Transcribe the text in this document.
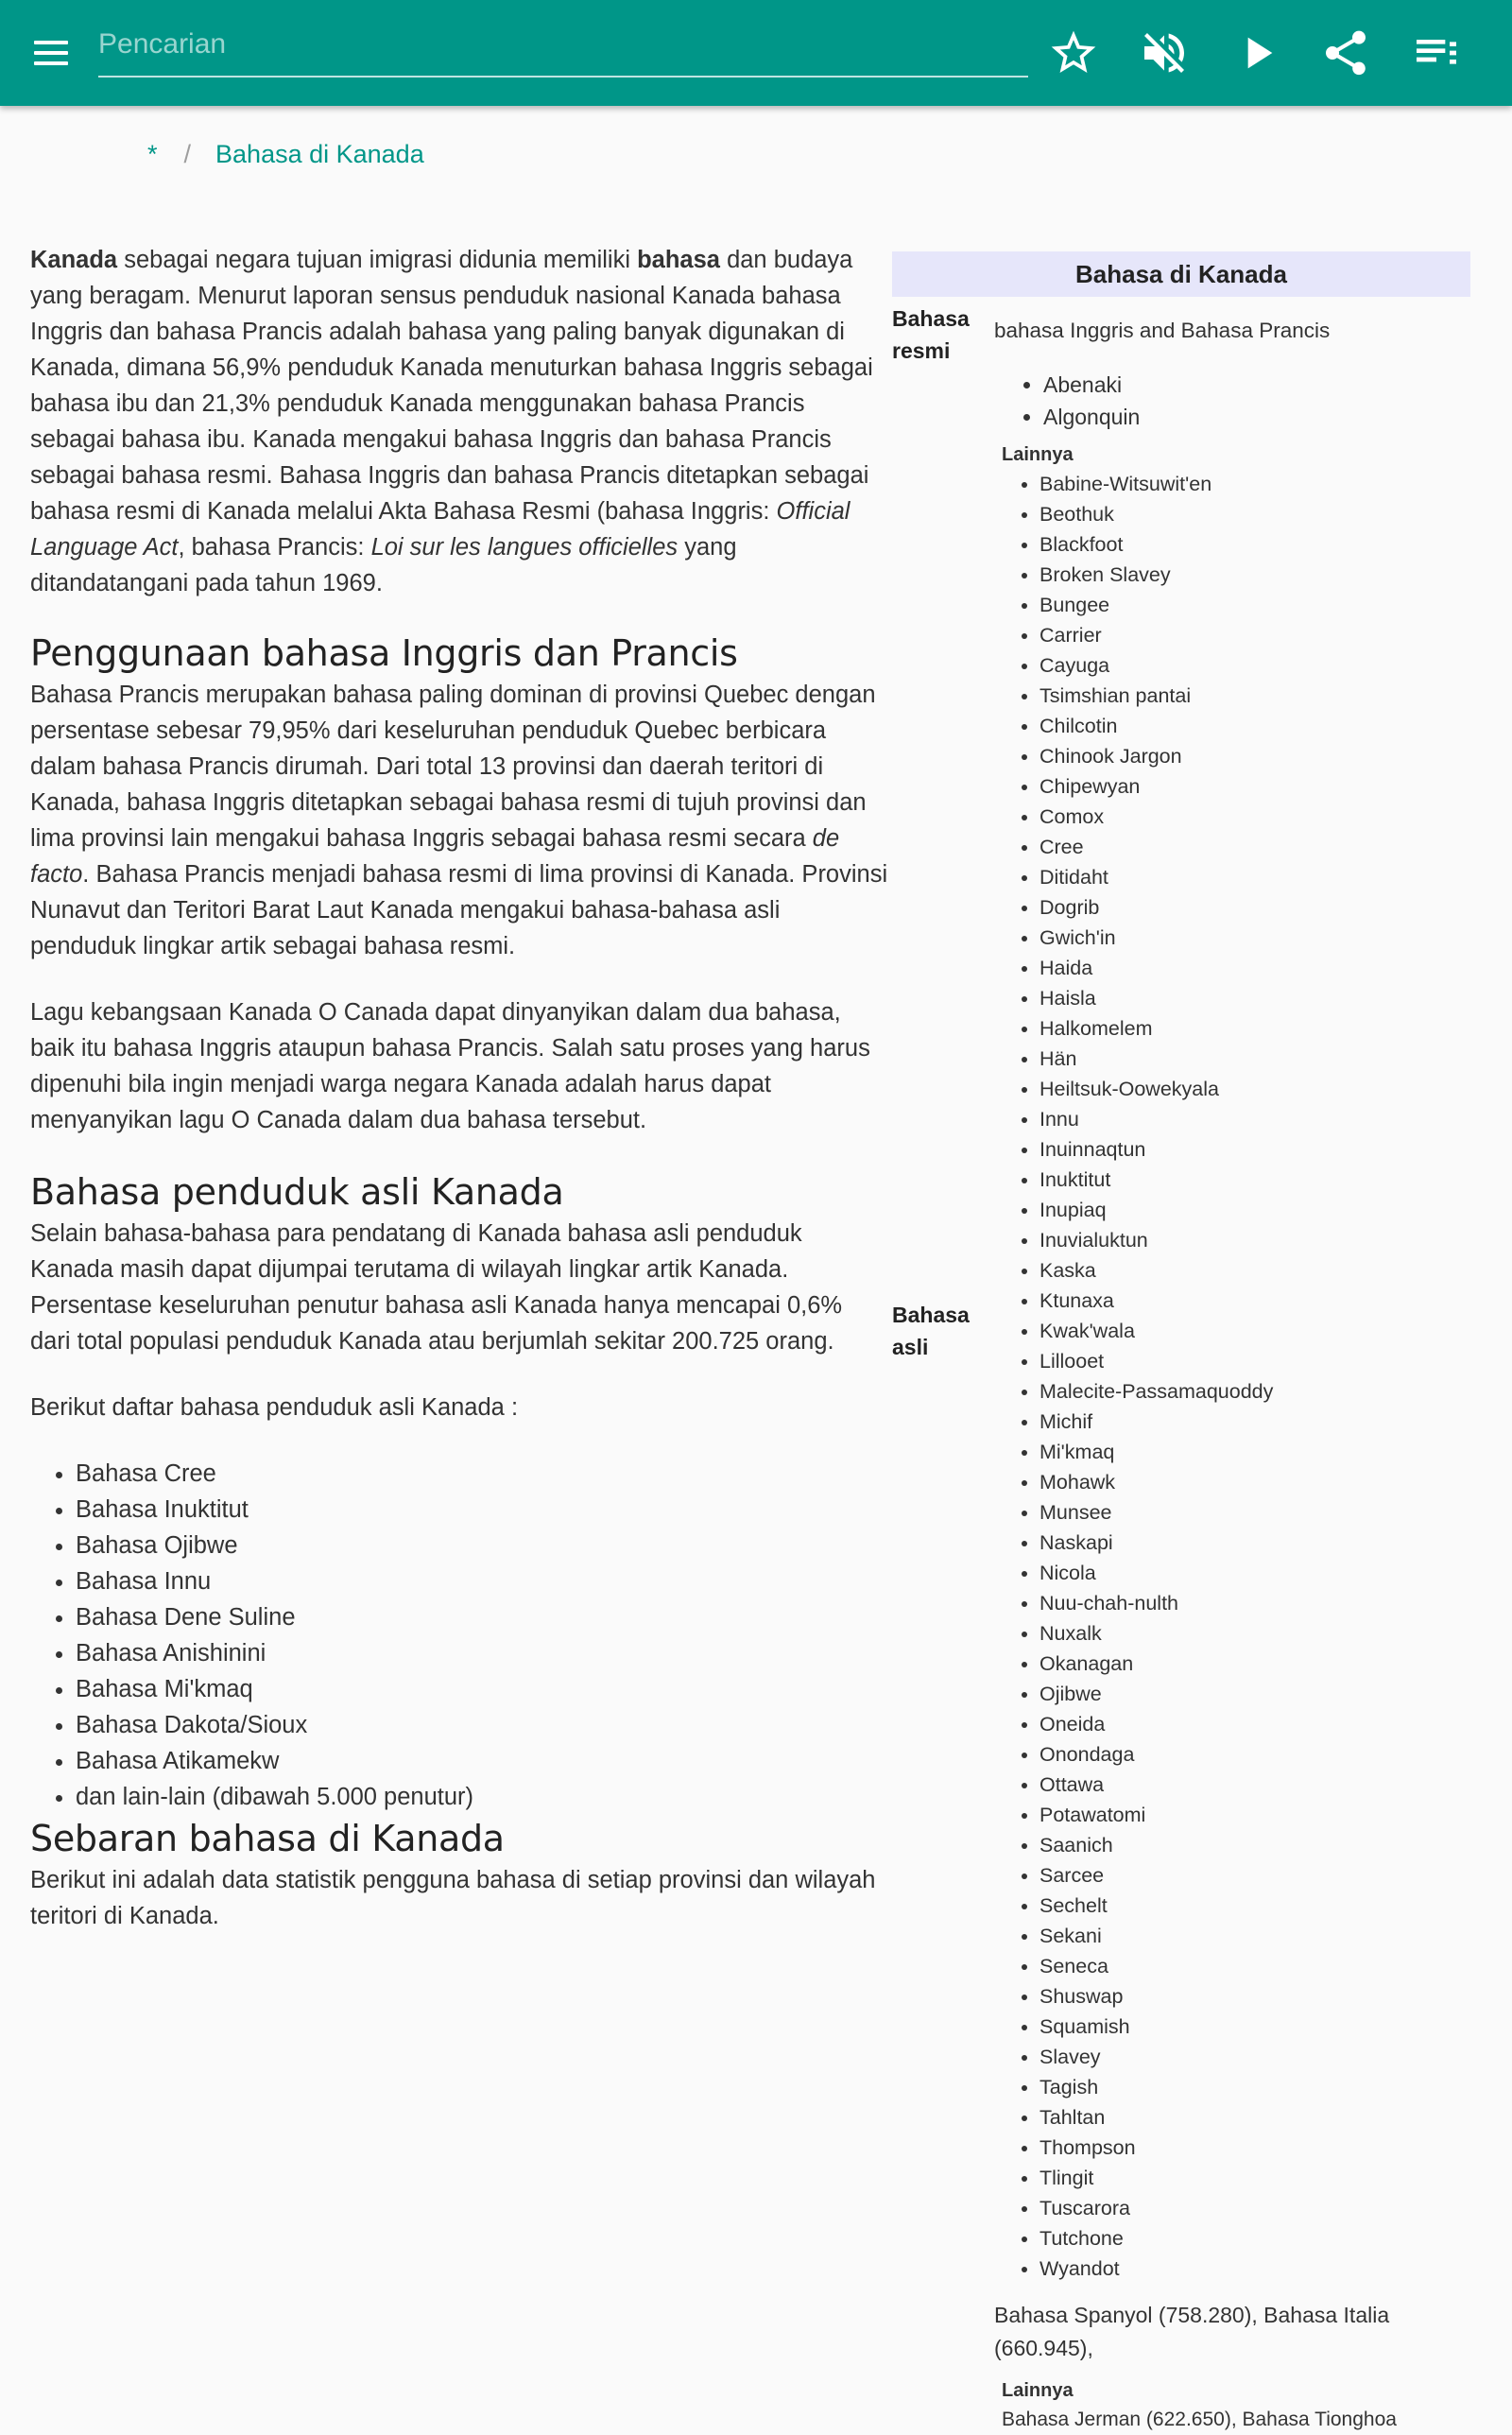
Pencarian
* / Bahasa di Kanada

Kanada sebagai negara tujuan imigrasi didunia memiliki bahasa dan budaya yang beragam. Menurut laporan sensus penduduk nasional Kanada bahasa Inggris dan bahasa Prancis adalah bahasa yang paling banyak digunakan di Kanada, dimana 56,9% penduduk Kanada menuturkan bahasa Inggris sebagai bahasa ibu dan 21,3% penduduk Kanada menggunakan bahasa Prancis sebagai bahasa ibu. Kanada mengakui bahasa Inggris dan bahasa Prancis sebagai bahasa resmi. Bahasa Inggris dan bahasa Prancis ditetapkan sebagai bahasa resmi di Kanada melalui Akta Bahasa Resmi (bahasa Inggris: Official Language Act, bahasa Prancis: Loi sur les langues officielles yang ditandatangani pada tahun 1969.

Penggunaan bahasa Inggris dan Prancis

Bahasa Prancis merupakan bahasa paling dominan di provinsi Quebec dengan persentase sebesar 79,95% dari keseluruhan penduduk Quebec berbicara dalam bahasa Prancis dirumah. Dari total 13 provinsi dan daerah teritori di Kanada, bahasa Inggris ditetapkan sebagai bahasa resmi di tujuh provinsi dan lima provinsi lain mengakui bahasa Inggris sebagai bahasa resmi secara de facto. Bahasa Prancis menjadi bahasa resmi di lima provinsi di Kanada. Provinsi Nunavut dan Teritori Barat Laut Kanada mengakui bahasa-bahasa asli penduduk lingkar artik sebagai bahasa resmi.

Lagu kebangsaan Kanada O Canada dapat dinyanyikan dalam dua bahasa, baik itu bahasa Inggris ataupun bahasa Prancis. Salah satu proses yang harus dipenuhi bila ingin menjadi warga negara Kanada adalah harus dapat menyanyikan lagu O Canada dalam dua bahasa tersebut.

Bahasa penduduk asli Kanada

Selain bahasa-bahasa para pendatang di Kanada bahasa asli penduduk Kanada masih dapat dijumpai terutama di wilayah lingkar artik Kanada. Persentase keseluruhan penutur bahasa asli Kanada hanya mencapai 0,6% dari total populasi penduduk Kanada atau berjumlah sekitar 200.725 orang.

Berikut daftar bahasa penduduk asli Kanada :

• Bahasa Cree
• Bahasa Inuktitut
• Bahasa Ojibwe
• Bahasa Innu
• Bahasa Dene Suline
• Bahasa Anishinini
• Bahasa Mi'kmaq
• Bahasa Dakota/Sioux
• Bahasa Atikamekw
• dan lain-lain (dibawah 5.000 penutur)
Sebaran bahasa di Kanada

Berikut ini adalah data statistik pengguna bahasa di setiap provinsi dan wilayah teritori di Kanada.

Bahasa di Kanada
Bahasa resmi
bahasa Inggris and Bahasa Prancis
Bahasa asli
• Abenaki
• Algonquin
Lainnya
• Babine-Witsuwit'en
• Beothuk
• Blackfoot
• Broken Slavey
• Bungee
• Carrier
• Cayuga
• Tsimshian pantai
• Chilcotin
• Chinook Jargon
• Chipewyan
• Comox
• Cree
• Ditidaht
• Dogrib
• Gwich'in
• Haida
• Haisla
• Halkomelem
• Hän
• Heiltsuk-Oowekyala
• Innu
• Inuinnaqtun
• Inuktitut
• Inupiaq
• Inuvialuktun
• Kaska
• Ktunaxa
• Kwak'wala
• Lillooet
• Malecite-Passamaquoddy
• Michif
• Mi'kmaq
• Mohawk
• Munsee
• Naskapi
• Nicola
• Nuu-chah-nulth
• Nuxalk
• Okanagan
• Ojibwe
• Oneida
• Onondaga
• Ottawa
• Potawatomi
• Saanich
• Sarcee
• Sechelt
• Sekani
• Seneca
• Shuswap
• Squamish
• Slavey
• Tagish
• Tahltan
• Thompson
• Tlingit
• Tuscarora
• Tutchone
• Wyandot
Bahasa Spanyol (758.280), Bahasa Italia (660.945),
Lainnya
Bahasa Jerman (622.650), Bahasa Tionghoa
